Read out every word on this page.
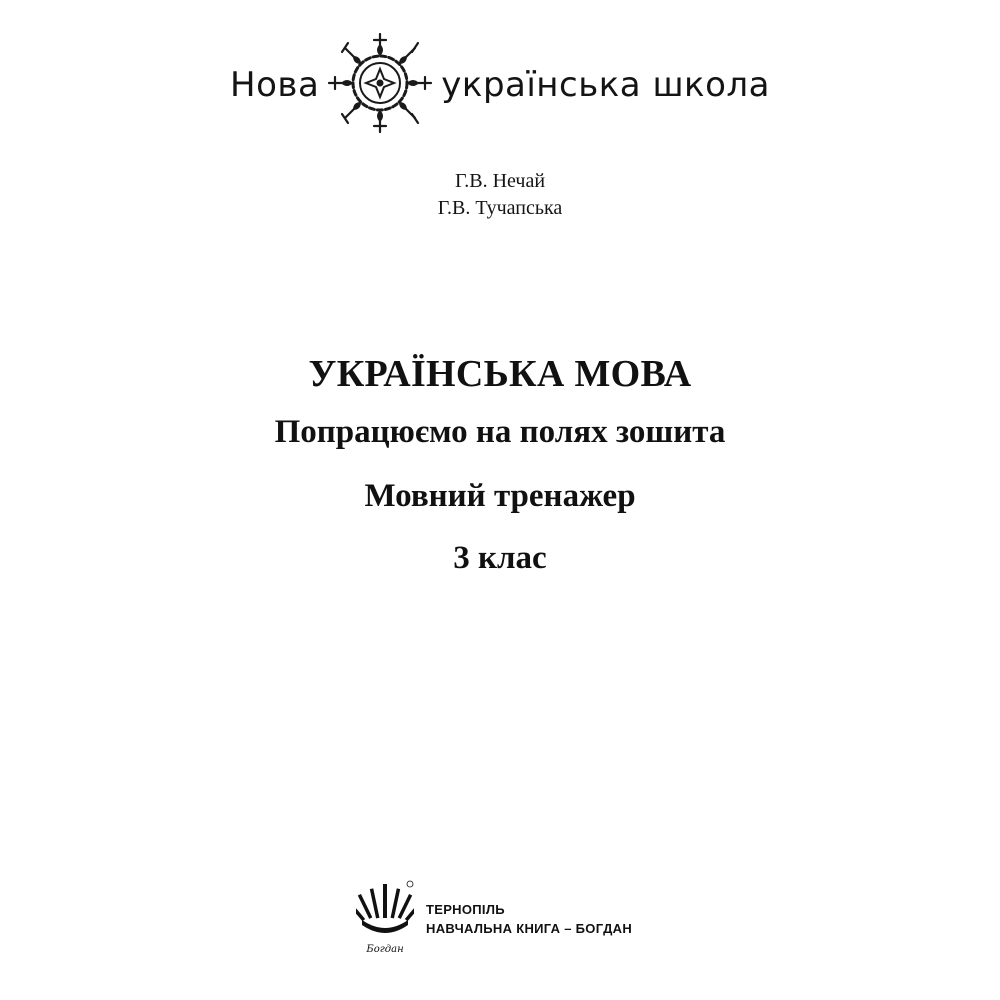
Нова	українська школа
Г.В. Нечай
Г.В. Тучапська
УКРАЇНСЬКА МОВА
Попрацюємо на полях зошита
Мовний тренажер
3 клас
Богдан
ТЕРНОПІЛЬ
НАВЧАЛЬНА КНИГА – БОГДАН
